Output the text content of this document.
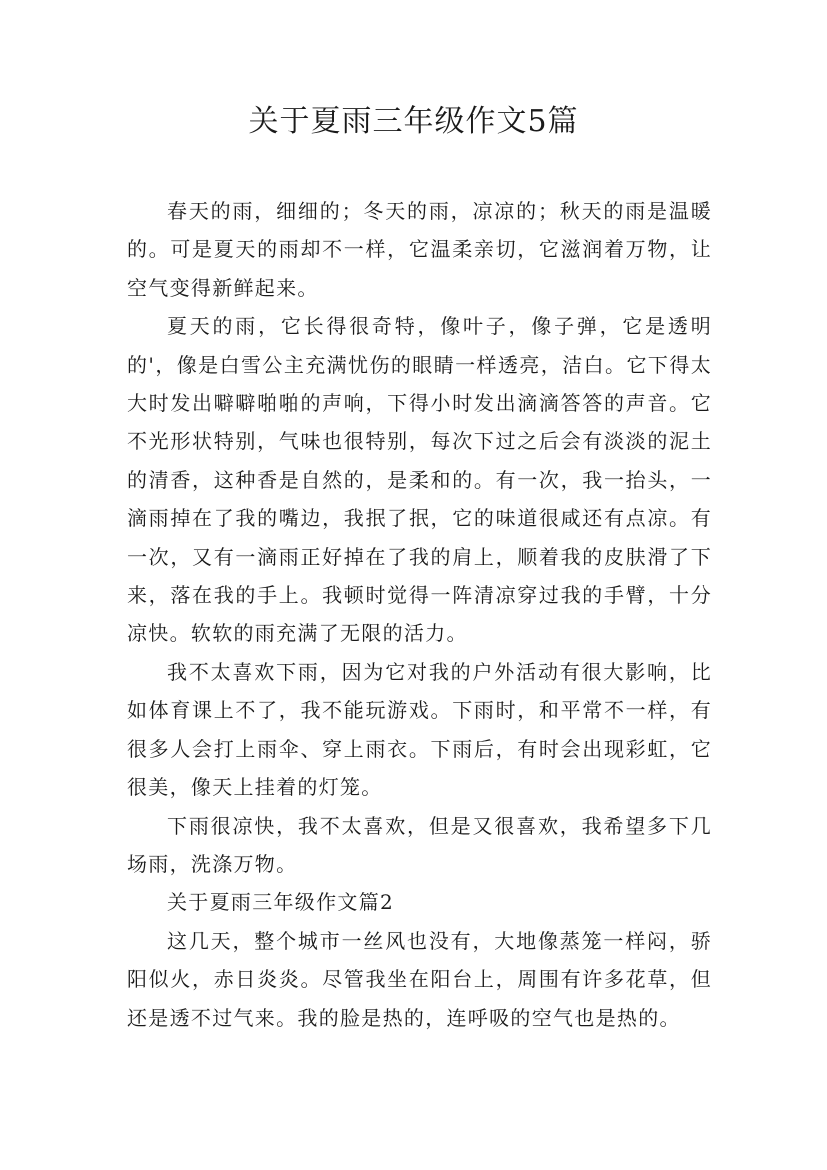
关于夏雨三年级作文5篇

春天的雨，细细的；冬天的雨，凉凉的；秋天的雨是温暖的。可是夏天的雨却不一样，它温柔亲切，它滋润着万物，让空气变得新鲜起来。

夏天的雨，它长得很奇特，像叶子，像子弹，它是透明的'，像是白雪公主充满忧伤的眼睛一样透亮，洁白。它下得太大时发出噼噼啪啪的声响，下得小时发出滴滴答答的声音。它不光形状特别，气味也很特别，每次下过之后会有淡淡的泥土的清香，这种香是自然的，是柔和的。有一次，我一抬头，一滴雨掉在了我的嘴边，我抿了抿，它的味道很咸还有点凉。有一次，又有一滴雨正好掉在了我的肩上，顺着我的皮肤滑了下来，落在我的手上。我顿时觉得一阵清凉穿过我的手臂，十分凉快。软软的雨充满了无限的活力。

我不太喜欢下雨，因为它对我的户外活动有很大影响，比如体育课上不了，我不能玩游戏。下雨时，和平常不一样，有很多人会打上雨伞、穿上雨衣。下雨后，有时会出现彩虹，它很美，像天上挂着的灯笼。

下雨很凉快，我不太喜欢，但是又很喜欢，我希望多下几场雨，洗涤万物。

关于夏雨三年级作文篇2

这几天，整个城市一丝风也没有，大地像蒸笼一样闷，骄阳似火，赤日炎炎。尽管我坐在阳台上，周围有许多花草，但还是透不过气来。我的脸是热的，连呼吸的空气也是热的。
